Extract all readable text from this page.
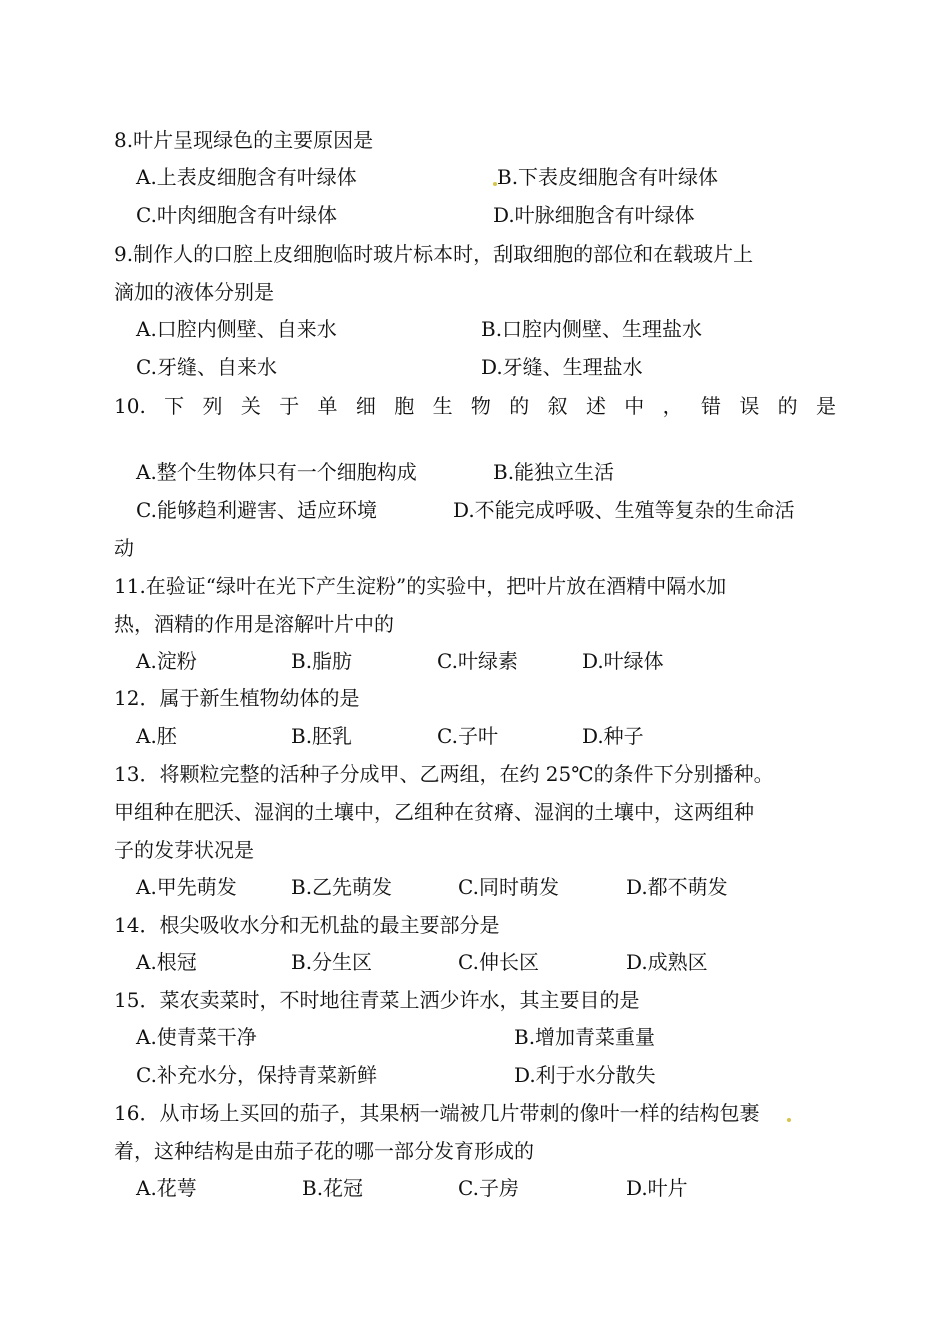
8.叶片呈现绿色的主要原因是
A.上表皮细胞含有叶绿体	B.下表皮细胞含有叶绿体
C.叶肉细胞含有叶绿体	D.叶脉细胞含有叶绿体
9.制作人的口腔上皮细胞临时玻片标本时，刮取细胞的部位和在载玻片上
滴加的液体分别是
A.口腔内侧壁、自来水	B.口腔内侧壁、生理盐水
C.牙缝、自来水	D.牙缝、生理盐水
10. 下 列 关 于 单 细 胞 生 物 的 叙 述 中 ， 错 误 的 是
A.整个生物体只有一个细胞构成	B.能独立生活
C.能够趋利避害、适应环境	D.不能完成呼吸、生殖等复杂的生命活
动
11.在验证“绿叶在光下产生淀粉”的实验中，把叶片放在酒精中隔水加
热，酒精的作用是溶解叶片中的
A.淀粉	B.脂肪	C.叶绿素	D.叶绿体
12．属于新生植物幼体的是
A.胚	B.胚乳	C.子叶	D.种子
13．将颗粒完整的活种子分成甲、乙两组，在约 25℃的条件下分别播种。
甲组种在肥沃、湿润的土壤中，乙组种在贫瘠、湿润的土壤中，这两组种
子的发芽状况是
A.甲先萌发	B.乙先萌发	C.同时萌发	D.都不萌发
14．根尖吸收水分和无机盐的最主要部分是
A.根冠	B.分生区	C.伸长区	D.成熟区
15．菜农卖菜时，不时地往青菜上洒少许水，其主要目的是
A.使青菜干净	B.增加青菜重量
C.补充水分，保持青菜新鲜	D.利于水分散失
16．从市场上买回的茄子，其果柄一端被几片带刺的像叶一样的结构包裹
着，这种结构是由茄子花的哪一部分发育形成的
A.花萼	B.花冠	C.子房	D.叶片
